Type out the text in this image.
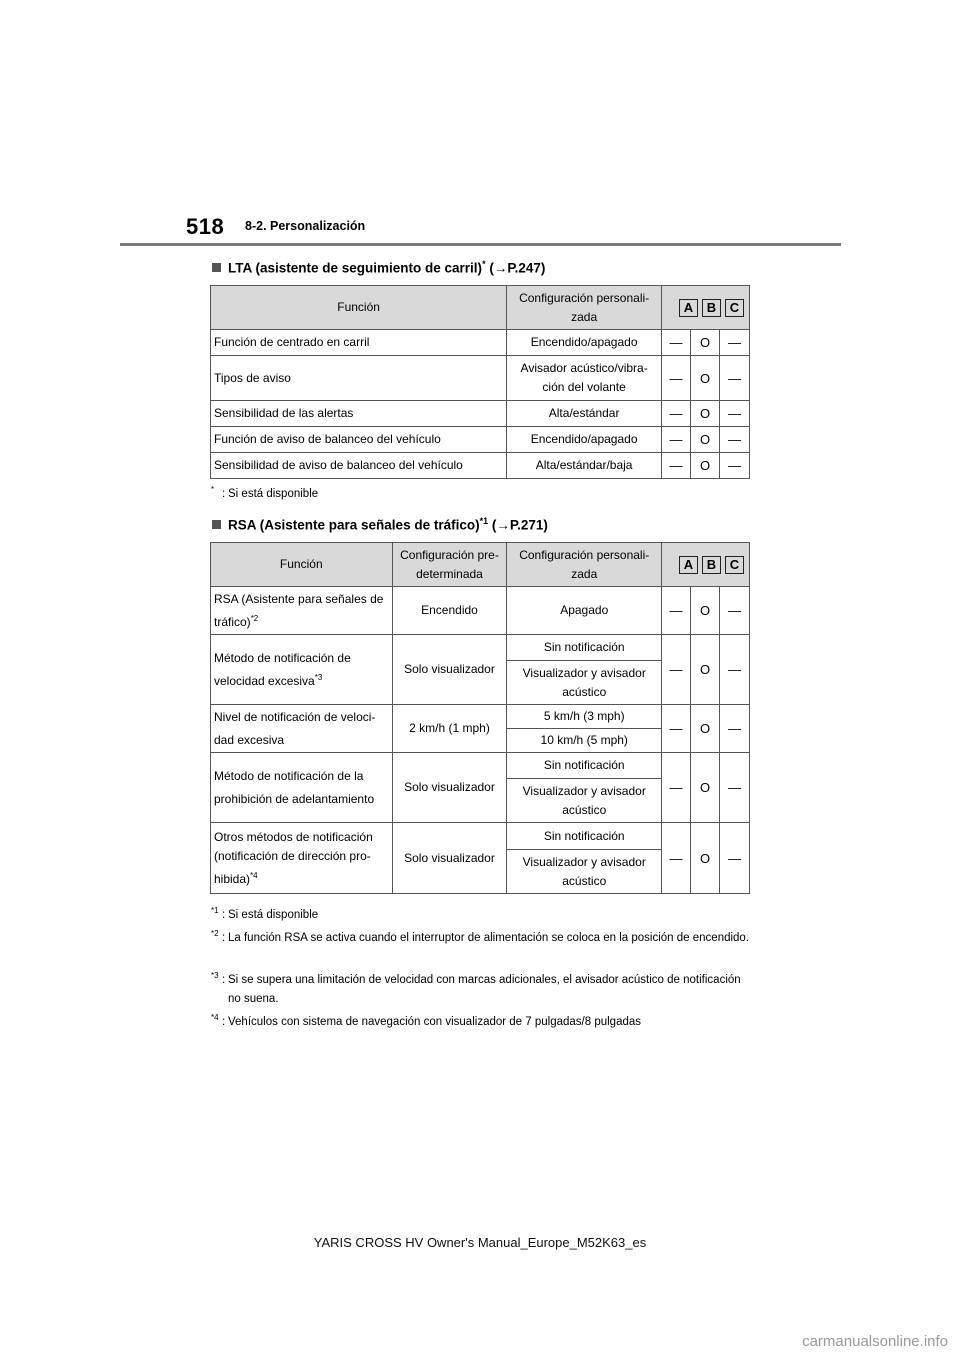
518 8-2. Personalización
LTA (asistente de seguimiento de carril)* (→P.247)
Función	Configuración personali-zada	A B C		

Función de centrado en carril	Encendido/apagado	—	O	—
Tipos de aviso	Avisador acústico/vibra-ción del volante	—	O	—
Sensibilidad de las alertas	Alta/estándar	—	O	—
Función de aviso de balanceo del vehículo	Encendido/apagado	—	O	—
Sensibilidad de aviso de balanceo del vehículo	Alta/estándar/baja	—	O	—
* : Si está disponible
RSA (Asistente para señales de tráfico)$^{*1}$ (→P.271)
Función	Configuración pre-determinada	Configuración personali-zada	A B C		

RSA (Asistente para señales de tráfico)$^{*2}$	Encendido	Apagado	—	O	—
Método de notificación de velocidad excesiva$^{*3}$	Solo visualizador	Sin notificación	—	O	—
		Visualizador y avisador acústico			
Nivel de notificación de veloci-dad excesiva	2 km/h (1 mph)	5 km/h (3 mph)	—	O	—
		10 km/h (5 mph)			
Método de notificación de la prohibición de adelantamiento	Solo visualizador	Sin notificación	—	O	—
		Visualizador y avisador acústico			
Otros métodos de notificación (notificación de dirección pro-hibida)$^{*4}$	Solo visualizador	Sin notificación	—	O	—
		Visualizador y avisador acústico			
*1 : Si está disponible
*2 : La función RSA se activa cuando el interruptor de alimentación se coloca en la posición de encendido.
*3 : Si se supera una limitación de velocidad con marcas adicionales, el avisador acústico de notificación no suena.
*4 : Vehículos con sistema de navegación con visualizador de 7 pulgadas/8 pulgadas
YARIS CROSS HV Owner's Manual_Europe_M52K63_es
carmanualsonline.info
